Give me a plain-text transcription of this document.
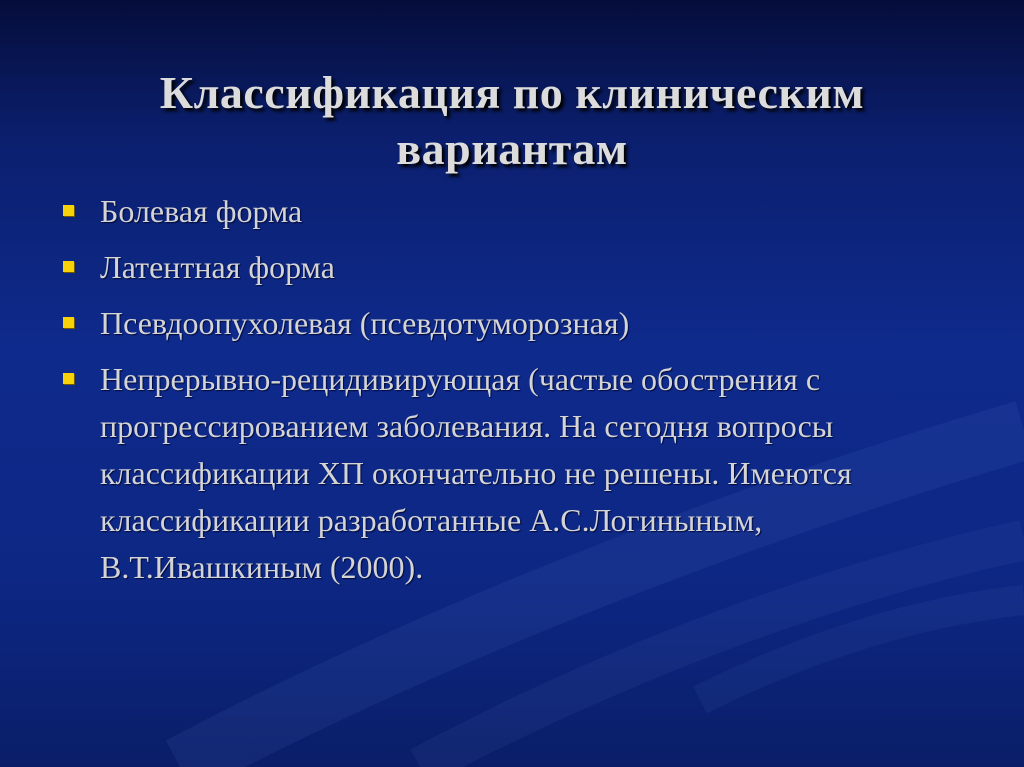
Классификация по клиническим
вариантам
Болевая форма
Латентная форма
Псевдоопухолевая (псевдотуморозная)
Непрерывно-рецидивирующая (частые обострения с прогрессированием заболевания. На сегодня вопросы классификации ХП окончательно не решены. Имеются классификации разработанные А.С.Логиныным, В.Т.Ивашкиным (2000).
